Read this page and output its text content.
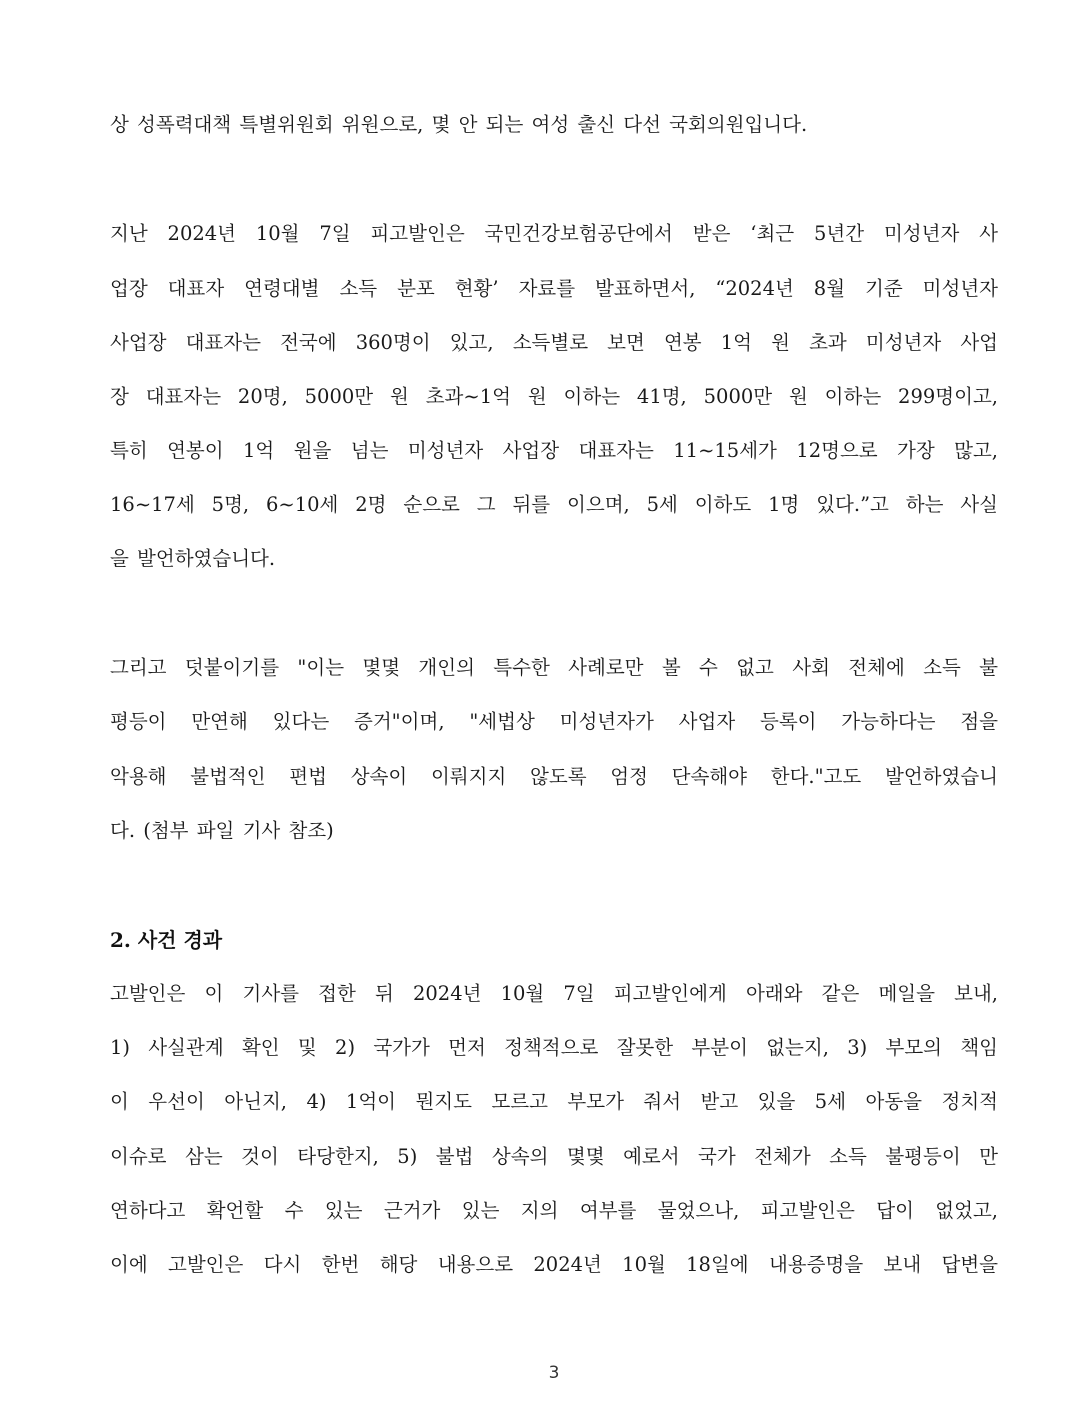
상 성폭력대책 특별위원회 위원으로, 몇 안 되는 여성 출신 다선 국회의원입니다.
지난 2024년 10월 7일 피고발인은 국민건강보험공단에서 받은 ‘최근 5년간 미성년자 사
업장 대표자 연령대별 소득 분포 현황’ 자료를 발표하면서, “2024년 8월 기준 미성년자
사업장 대표자는 전국에 360명이 있고, 소득별로 보면 연봉 1억 원 초과 미성년자 사업
장 대표자는 20명, 5000만 원 초과∼1억 원 이하는 41명, 5000만 원 이하는 299명이고,
특히 연봉이 1억 원을 넘는 미성년자 사업장 대표자는 11∼15세가 12명으로 가장 많고,
16∼17세 5명, 6∼10세 2명 순으로 그 뒤를 이으며, 5세 이하도 1명 있다.”고 하는 사실
을 발언하였습니다.
그리고 덧붙이기를 "이는 몇몇 개인의 특수한 사례로만 볼 수 없고 사회 전체에 소득 불
평등이 만연해 있다는 증거"이며, "세법상 미성년자가 사업자 등록이 가능하다는 점을
악용해 불법적인 편법 상속이 이뤄지지 않도록 엄정 단속해야 한다."고도 발언하였습니
다. (첨부 파일 기사 참조)
2. 사건 경과
고발인은 이 기사를 접한 뒤 2024년 10월 7일 피고발인에게 아래와 같은 메일을 보내,
1) 사실관계 확인 및 2) 국가가 먼저 정책적으로 잘못한 부분이 없는지, 3) 부모의 책임
이 우선이 아닌지, 4) 1억이 뭔지도 모르고 부모가 줘서 받고 있을 5세 아동을 정치적
이슈로 삼는 것이 타당한지, 5) 불법 상속의 몇몇 예로서 국가 전체가 소득 불평등이 만
연하다고 확언할 수 있는 근거가 있는 지의 여부를 물었으나, 피고발인은 답이 없었고,
이에 고발인은 다시 한번 해당 내용으로 2024년 10월 18일에 내용증명을 보내 답변을
3
